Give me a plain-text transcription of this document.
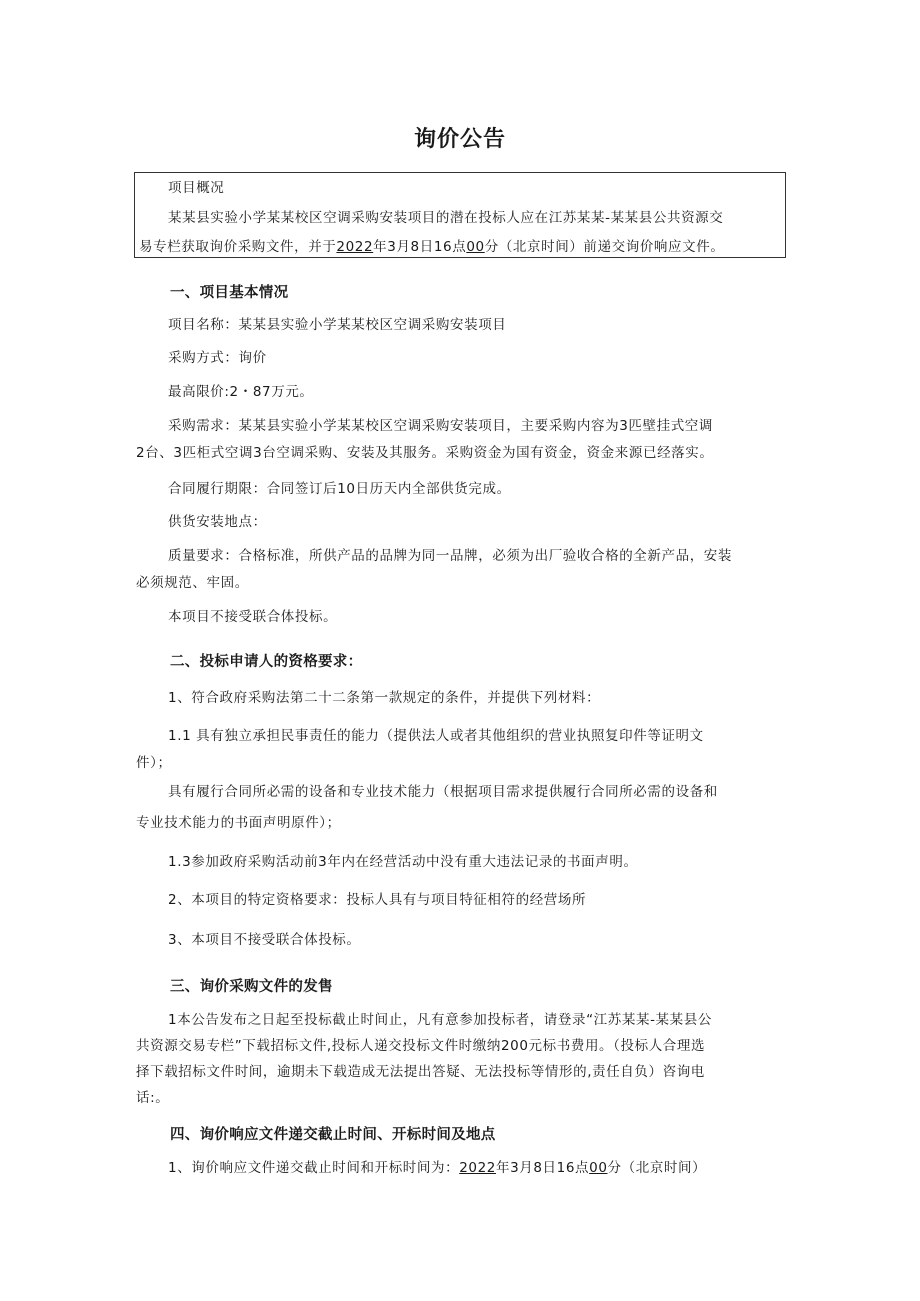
询价公告
项目概况
某某县实验小学某某校区空调采购安装项目的潜在投标人应在江苏某某-某某县公共资源交
易专栏获取询价采购文件，并于2022年3月8日16点00分（北京时间）前递交询价响应文件。
一、项目基本情况
项目名称：某某县实验小学某某校区空调采购安装项目
采购方式：询价
最高限价:2・87万元。
采购需求：某某县实验小学某某校区空调采购安装项目，主要采购内容为3匹壁挂式空调
2台、3匹柜式空调3台空调采购、安装及其服务。采购资金为国有资金，资金来源已经落实。
合同履行期限：合同签订后10日历天内全部供货完成。
供货安装地点：
质量要求：合格标准，所供产品的品牌为同一品牌，必须为出厂验收合格的全新产品，安装
必须规范、牢固。
本项目不接受联合体投标。
二、投标申请人的资格要求：
1、符合政府采购法第二十二条第一款规定的条件，并提供下列材料：
1.1 具有独立承担民事责任的能力（提供法人或者其他组织的营业执照复印件等证明文
件）；
具有履行合同所必需的设备和专业技术能力（根据项目需求提供履行合同所必需的设备和
专业技术能力的书面声明原件）；
1.3参加政府采购活动前3年内在经营活动中没有重大违法记录的书面声明。
2、本项目的特定资格要求：投标人具有与项目特征相符的经营场所
3、本项目不接受联合体投标。
三、询价采购文件的发售
1本公告发布之日起至投标截止时间止，凡有意参加投标者，请登录“江苏某某-某某县公
共资源交易专栏”下载招标文件,投标人递交投标文件时缴纳200元标书费用。（投标人合理选
择下载招标文件时间，逾期未下载造成无法提出答疑、无法投标等情形的,责任自负）咨询电
话:。
四、询价响应文件递交截止时间、开标时间及地点
1、询价响应文件递交截止时间和开标时间为：2022年3月8日16点00分（北京时间）
